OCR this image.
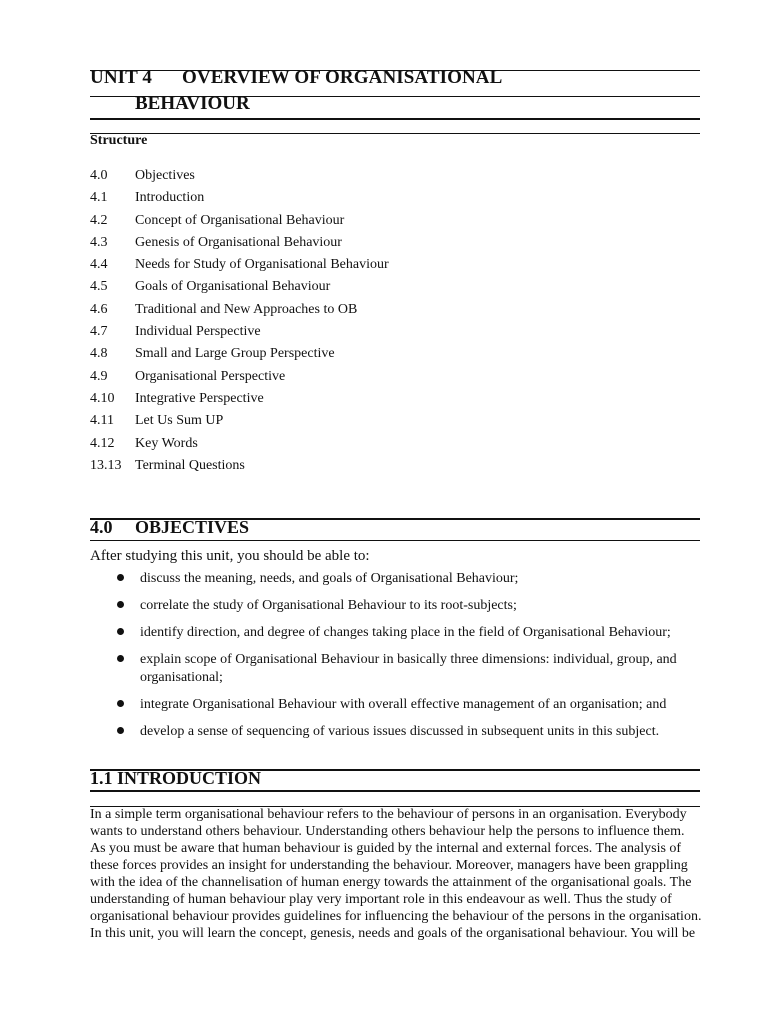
UNIT 4 OVERVIEW OF ORGANISATIONAL
BEHAVIOUR
Structure
4.0 Objectives
4.1 Introduction
4.2 Concept of Organisational Behaviour
4.3 Genesis of Organisational Behaviour
4.4 Needs for Study of Organisational Behaviour
4.5 Goals of Organisational Behaviour
4.6 Traditional and New Approaches to OB
4.7 Individual Perspective
4.8 Small and Large Group Perspective
4.9 Organisational Perspective
4.10 Integrative Perspective
4.11 Let Us Sum UP
4.12 Key Words
13.13 Terminal Questions
4.0 OBJECTIVES
After studying this unit, you should be able to:
discuss the meaning, needs, and goals of Organisational Behaviour;
correlate the study of Organisational Behaviour to its root-subjects;
identify direction, and degree of changes taking place in the field of Organisational Behaviour;
explain scope of Organisational Behaviour in basically three dimensions: individual, group, and organisational;
integrate Organisational Behaviour with overall effective management of an organisation; and
develop a sense of sequencing of various issues discussed in subsequent units in this subject.
1.1 INTRODUCTION
In a simple term organisational behaviour refers to the behaviour of persons in an organisation. Everybody
wants to understand others behaviour. Understanding others behaviour help the persons to influence them.
As you must be aware that human behaviour is guided by the internal and external forces. The analysis of
these forces provides an insight for understanding the behaviour. Moreover, managers have been grappling
with the idea of the channelisation of human energy towards the attainment of the organisational goals. The
understanding of human behaviour play very important role in this endeavour as well. Thus the study of
organisational behaviour provides guidelines for influencing the behaviour of the persons in the organisation.
In this unit, you will learn the concept, genesis, needs and goals of the organisational behaviour. You will be
